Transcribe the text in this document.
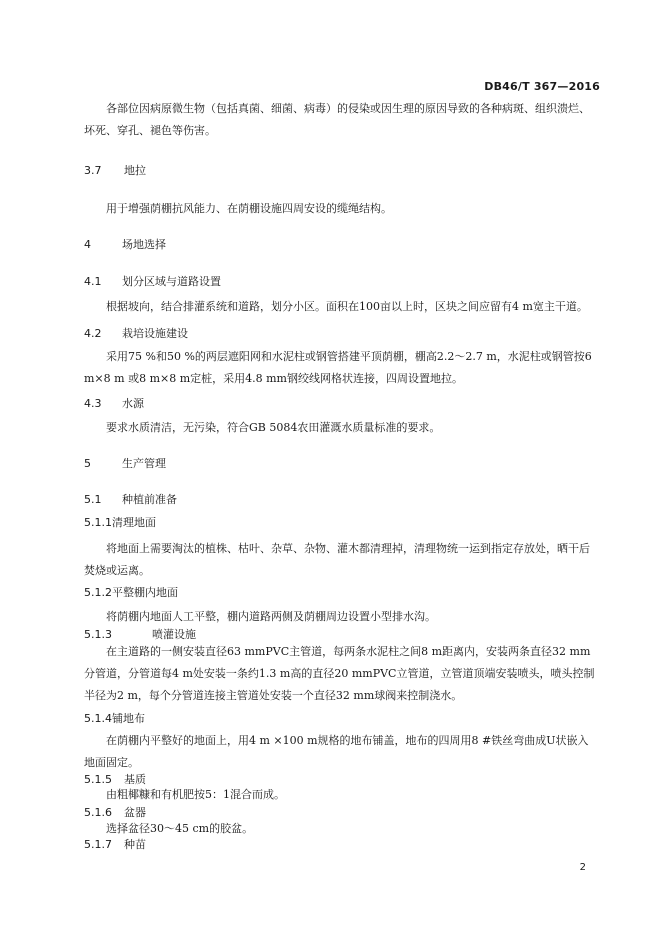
DB46/T 367—2016
各部位因病原微生物（包括真菌、细菌、病毒）的侵染或因生理的原因导致的各种病斑、组织溃烂、坏死、穿孔、褪色等伤害。
3.7 地拉
用于增强荫棚抗风能力、在荫棚设施四周安设的缆绳结构。
4	场地选择
4.1 划分区域与道路设置
根据坡向，结合排灌系统和道路，划分小区。面积在100亩以上时，区块之间应留有4 m宽主干道。
4.2 栽培设施建设
采用75 %和50 %的两层遮阳网和水泥柱或钢管搭建平顶荫棚，棚高2.2～2.7 m，水泥柱或钢管按6 m×8 m 或8 m×8 m定桩，采用4.8 mm钢绞线网格状连接，四周设置地拉。
4.3 水源
要求水质清洁，无污染，符合GB 5084农田灌溉水质量标准的要求。
5	生产管理
5.1 种植前准备
5.1.1清理地面
将地面上需要淘汰的植株、枯叶、杂草、杂物、灌木都清理掉，清理物统一运到指定存放处，晒干后焚烧或运离。
5.1.2平整棚内地面
将荫棚内地面人工平整，棚内道路两侧及荫棚周边设置小型排水沟。
5.1.3	喷灌设施
在主道路的一侧安装直径63 mmPVC主管道，每两条水泥柱之间8 m距离内，安装两条直径32 mm分管道，分管道每4 m处安装一条约1.3 m高的直径20 mmPVC立管道，立管道顶端安装喷头，喷头控制半径为2 m，每个分管道连接主管道处安装一个直径32 mm球阀来控制浇水。
5.1.4铺地布
在荫棚内平整好的地面上，用4 m ×100 m规格的地布铺盖，地布的四周用8 #铁丝弯曲成U状嵌入地面固定。
5.1.5 基质
由粗椰糠和有机肥按5：1混合而成。
5.1.6 盆器
选择盆径30～45 cm的胶盆。
5.1.7 种苗
2
